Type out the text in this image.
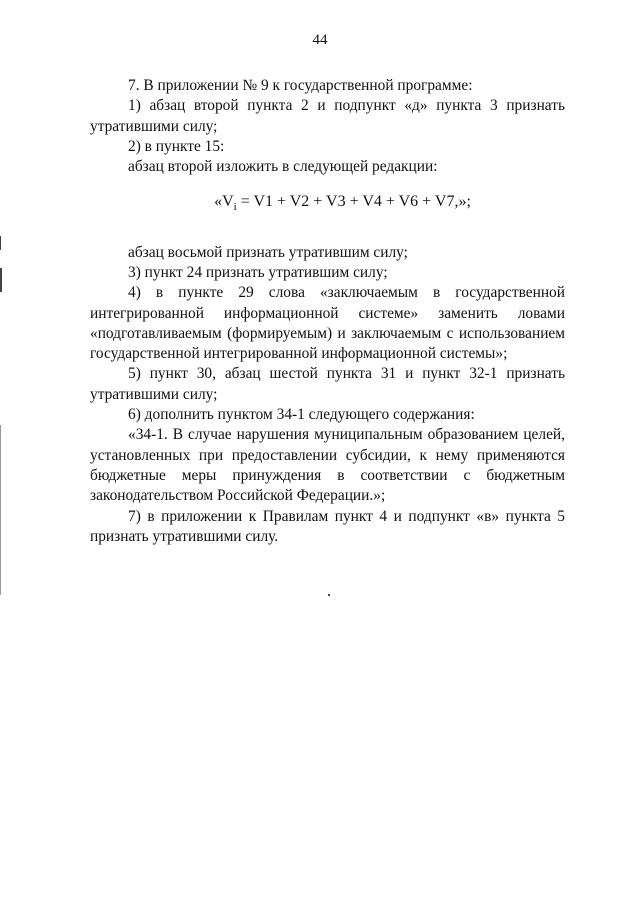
44

7. В приложении № 9 к государственной программе:

1) абзац второй пункта 2 и подпункт «д» пункта 3 признать утратившими силу;

2) в пункте 15:

абзац второй изложить в следующей редакции:

«$V_i = V1 + V2 + V3 + V4 + V6 + V7$,»;

абзац восьмой признать утратившим силу;

3) пункт 24 признать утратившим силу;

4) в пункте 29 слова «заключаемым в государственной интегрированной информационной системе» заменить ловами «подготавливаемым (формируемым) и заключаемым с использованием государственной интегрированной информационной системы»;

5) пункт 30, абзац шестой пункта 31 и пункт 32-1 признать утратившими силу;

6) дополнить пунктом 34-1 следующего содержания:

«34-1. В случае нарушения муниципальным образованием целей, установленных при предоставлении субсидии, к нему применяются бюджетные меры принуждения в соответствии с бюджетным законодательством Российской Федерации.»;

7) в приложении к Правилам пункт 4 и подпункт «в» пункта 5 признать утратившими силу.
